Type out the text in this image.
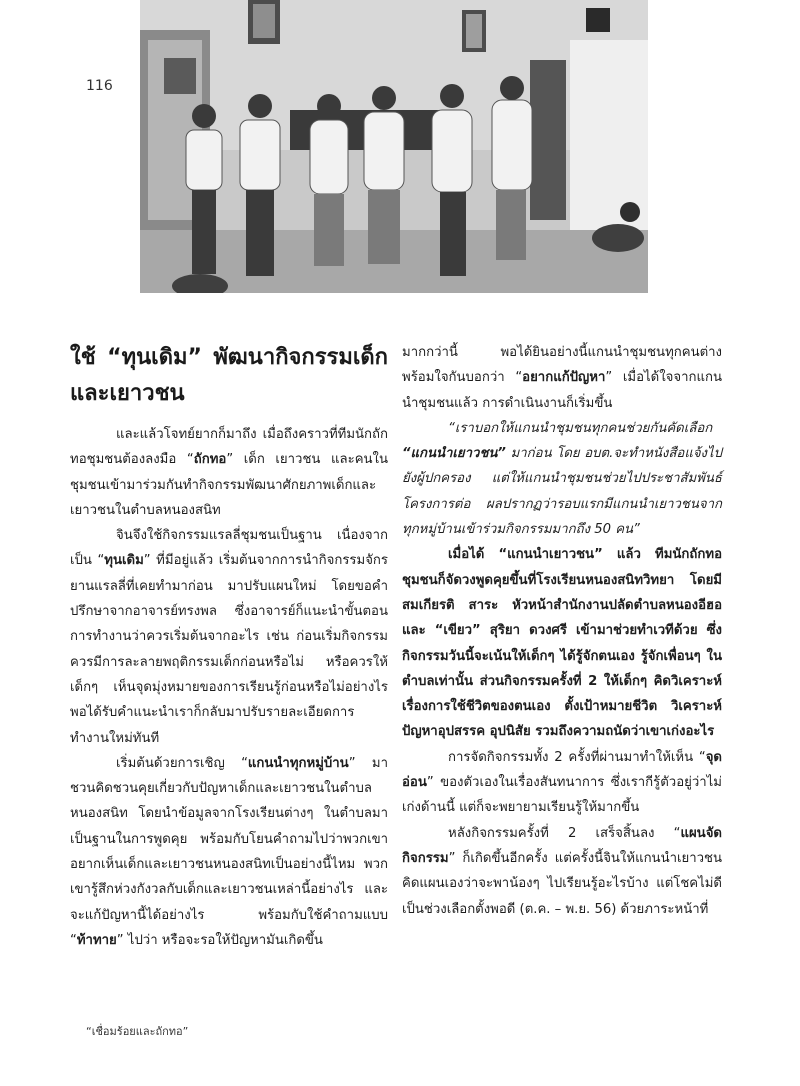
116
ใช้ “ทุนเดิม” พัฒนากิจกรรมเด็กและเยาวชน

และแล้วโจทย์ยากก็มาถึง เมื่อถึงคราวที่ทีมนักถักทอชุมชนต้องลงมือ “ถักทอ” เด็ก เยาวชน และคนในชุมชนเข้ามาร่วมกันทำกิจกรรมพัฒนาศักยภาพเด็กและเยาวชนในตำบลหนองสนิท

จินจึงใช้กิจกรรมแรลลี่ชุมชนเป็นฐาน เนื่องจากเป็น “ทุนเดิม” ที่มีอยู่แล้ว เริ่มต้นจากการนำกิจกรรมจักรยานแรลลี่ที่เคยทำมาก่อน มาปรับแผนใหม่ โดยขอคำปรึกษาจากอาจารย์ทรงพล ซึ่งอาจารย์ก็แนะนำขั้นตอนการทำงานว่าควรเริ่มต้นจากอะไร เช่น ก่อนเริ่มกิจกรรมควรมีการละลายพฤติกรรมเด็กก่อนหรือไม่ หรือควรให้เด็กๆ เห็นจุดมุ่งหมายของการเรียนรู้ก่อนหรือไม่อย่างไร พอได้รับคำแนะนำเราก็กลับมาปรับรายละเอียดการทำงานใหม่ทันที

เริ่มต้นด้วยการเชิญ “แกนนำทุกหมู่บ้าน” มาชวนคิดชวนคุยเกี่ยวกับปัญหาเด็กและเยาวชนในตำบลหนองสนิท โดยนำข้อมูลจากโรงเรียนต่างๆ ในตำบลมาเป็นฐานในการพูดคุย พร้อมกับโยนคำถามไปว่าพวกเขาอยากเห็นเด็กและเยาวชนหนองสนิทเป็นอย่างนี้ไหม พวกเขารู้สึกห่วงกังวลกับเด็กและเยาวชนเหล่านี้อย่างไร และจะแก้ปัญหานี้ได้อย่างไร พร้อมกับใช้คำถามแบบ “ท้าทาย” ไปว่า หรือจะรอให้ปัญหามันเกิดขึ้น

มากกว่านี้ พอได้ยินอย่างนี้แกนนำชุมชนทุกคนต่างพร้อมใจกันบอกว่า “อยากแก้ปัญหา” เมื่อได้ใจจากแกนนำชุมชนแล้ว การดำเนินงานก็เริ่มขึ้น

“เราบอกให้แกนนำชุมชนทุกคนช่วยกันคัดเลือก “แกนนำเยาวชน” มาก่อน โดย อบต.จะทำหนังสือแจ้งไปยังผู้ปกครอง แต่ให้แกนนำชุมชนช่วยไปประชาสัมพันธ์โครงการต่อ ผลปรากฏว่ารอบแรกมีแกนนำเยาวชนจากทุกหมู่บ้านเข้าร่วมกิจกรรมมากถึง 50 คน”

เมื่อได้ “แกนนำเยาวชน” แล้ว ทีมนักถักทอชุมชนก็จัดวงพูดคุยขึ้นที่โรงเรียนหนองสนิทวิทยา โดยมีสมเกียรติ สาระ หัวหน้าสำนักงานปลัดตำบลหนองอีฮอ และ “เขียว” สุริยา ดวงศรี เข้ามาช่วยทำเวทีด้วย ซึ่งกิจกรรมวันนี้จะเน้นให้เด็กๆ ได้รู้จักตนเอง รู้จักเพื่อนๆ ในตำบลเท่านั้น ส่วนกิจกรรมครั้งที่ 2 ให้เด็กๆ คิดวิเคราะห์เรื่องการใช้ชีวิตของตนเอง ตั้งเป้าหมายชีวิต วิเคราะห์ปัญหาอุปสรรค อุปนิสัย รวมถึงความถนัดว่าเขาเก่งอะไร

การจัดกิจกรรมทั้ง 2 ครั้งที่ผ่านมาทำให้เห็น “จุดอ่อน” ของตัวเองในเรื่องสันทนาการ ซึ่งเรากีรู้ตัวอยู่ว่าไม่เก่งด้านนี้ แต่ก็จะพยายามเรียนรู้ให้มากขึ้น

หลังกิจกรรมครั้งที่ 2 เสร็จสิ้นลง “แผนจัดกิจกรรม” ก็เกิดขึ้นอีกครั้ง แต่ครั้งนี้จินให้แกนนำเยาวชนคิดแผนเองว่าจะพาน้องๆ ไปเรียนรู้อะไรบ้าง แต่โชคไม่ดีเป็นช่วงเลือกตั้งพอดี (ต.ค. – พ.ย. 56) ด้วยภาระหน้าที่

“เชื่อมร้อยและถักทอ”
